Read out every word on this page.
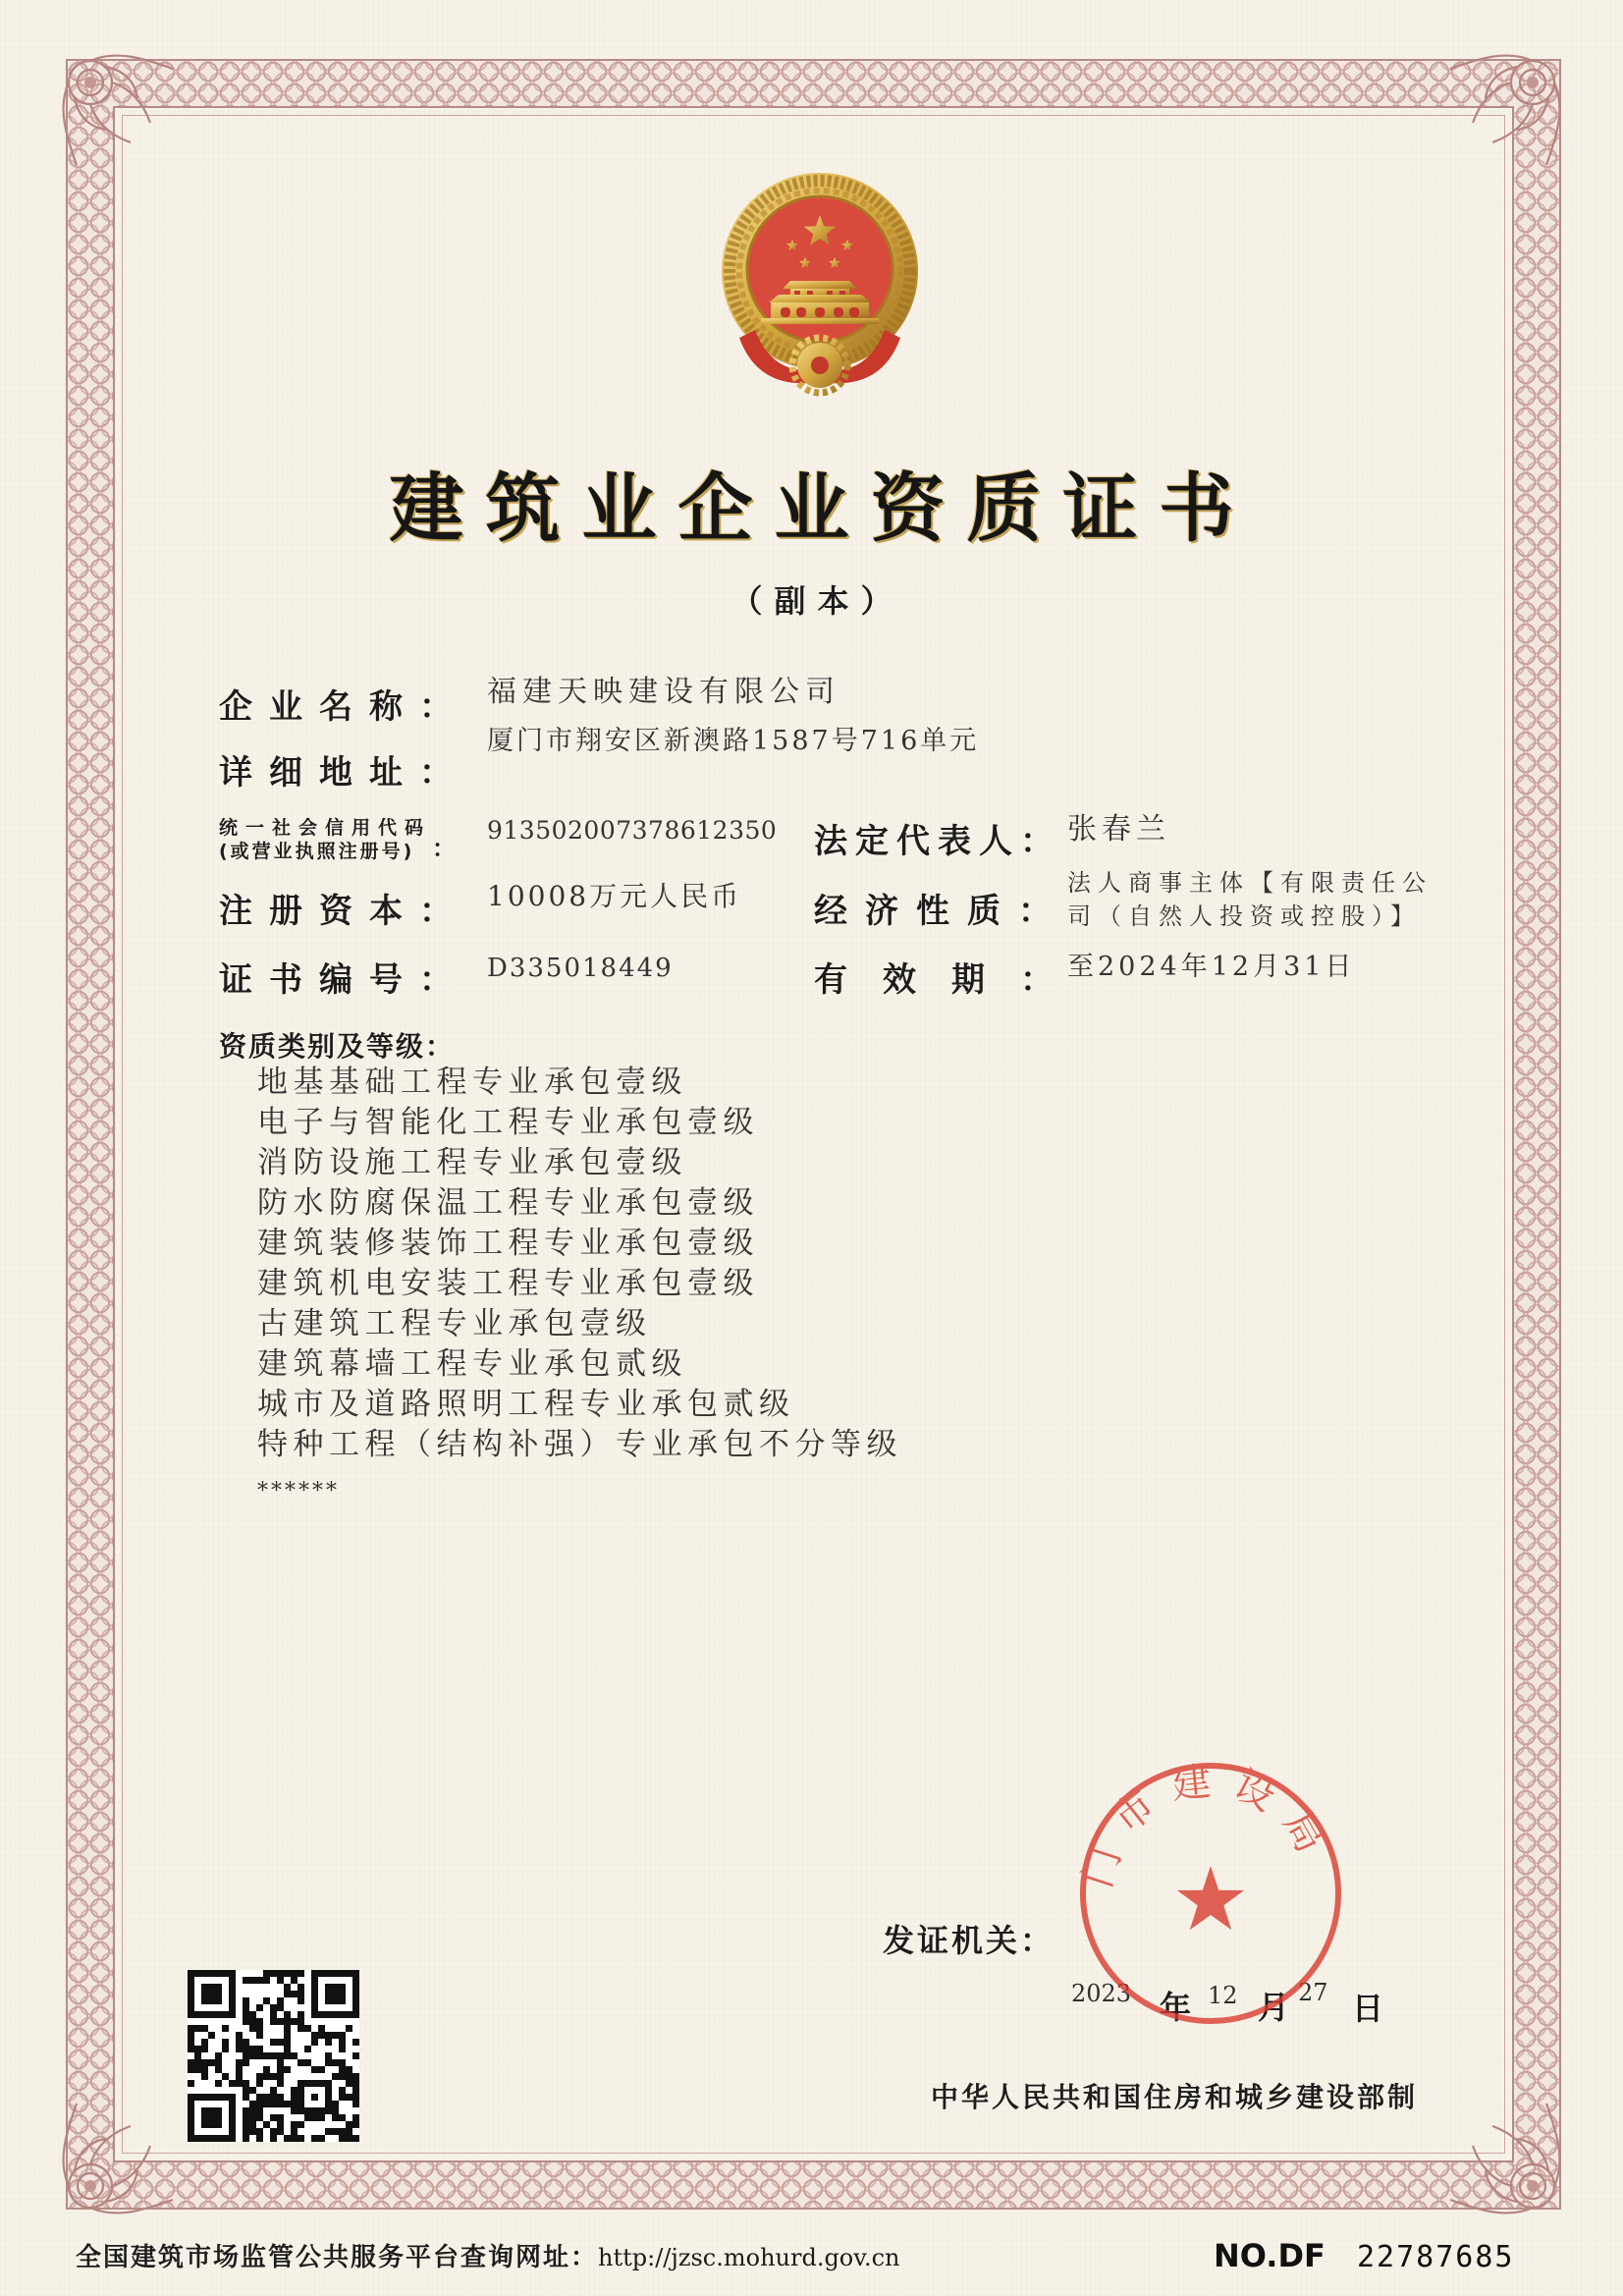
建筑业企业资质证书
（副本）
企业名称： 福建天映建设有限公司
详细地址：
厦门市翔安区新澳路1587号716单元
统一社会信用代码
(或营业执照注册号) ：
913502007378612350 法定代表人： 张春兰
注册资本： 10008万元人民币 经济性质：
法人商事主体【有限责任公
司（自然人投资或控股）】
证书编号： D335018449	有效期：
至2024年12月31日
资质类别及等级：
地基基础工程专业承包壹级
电子与智能化工程专业承包壹级
消防设施工程专业承包壹级
防水防腐保温工程专业承包壹级
建筑装修装饰工程专业承包壹级
建筑机电安装工程专业承包壹级
古建筑工程专业承包壹级
建筑幕墙工程专业承包贰级
城市及道路照明工程专业承包贰级
特种工程（结构补强）专业承包不分等级
******
发证机关：
2023 年 12 月 27 日
门市建设局
中华人民共和国住房和城乡建设部制
全国建筑市场监管公共服务平台查询网址：http://jzsc.mohurd.gov.cn	NO.DF 22787685
